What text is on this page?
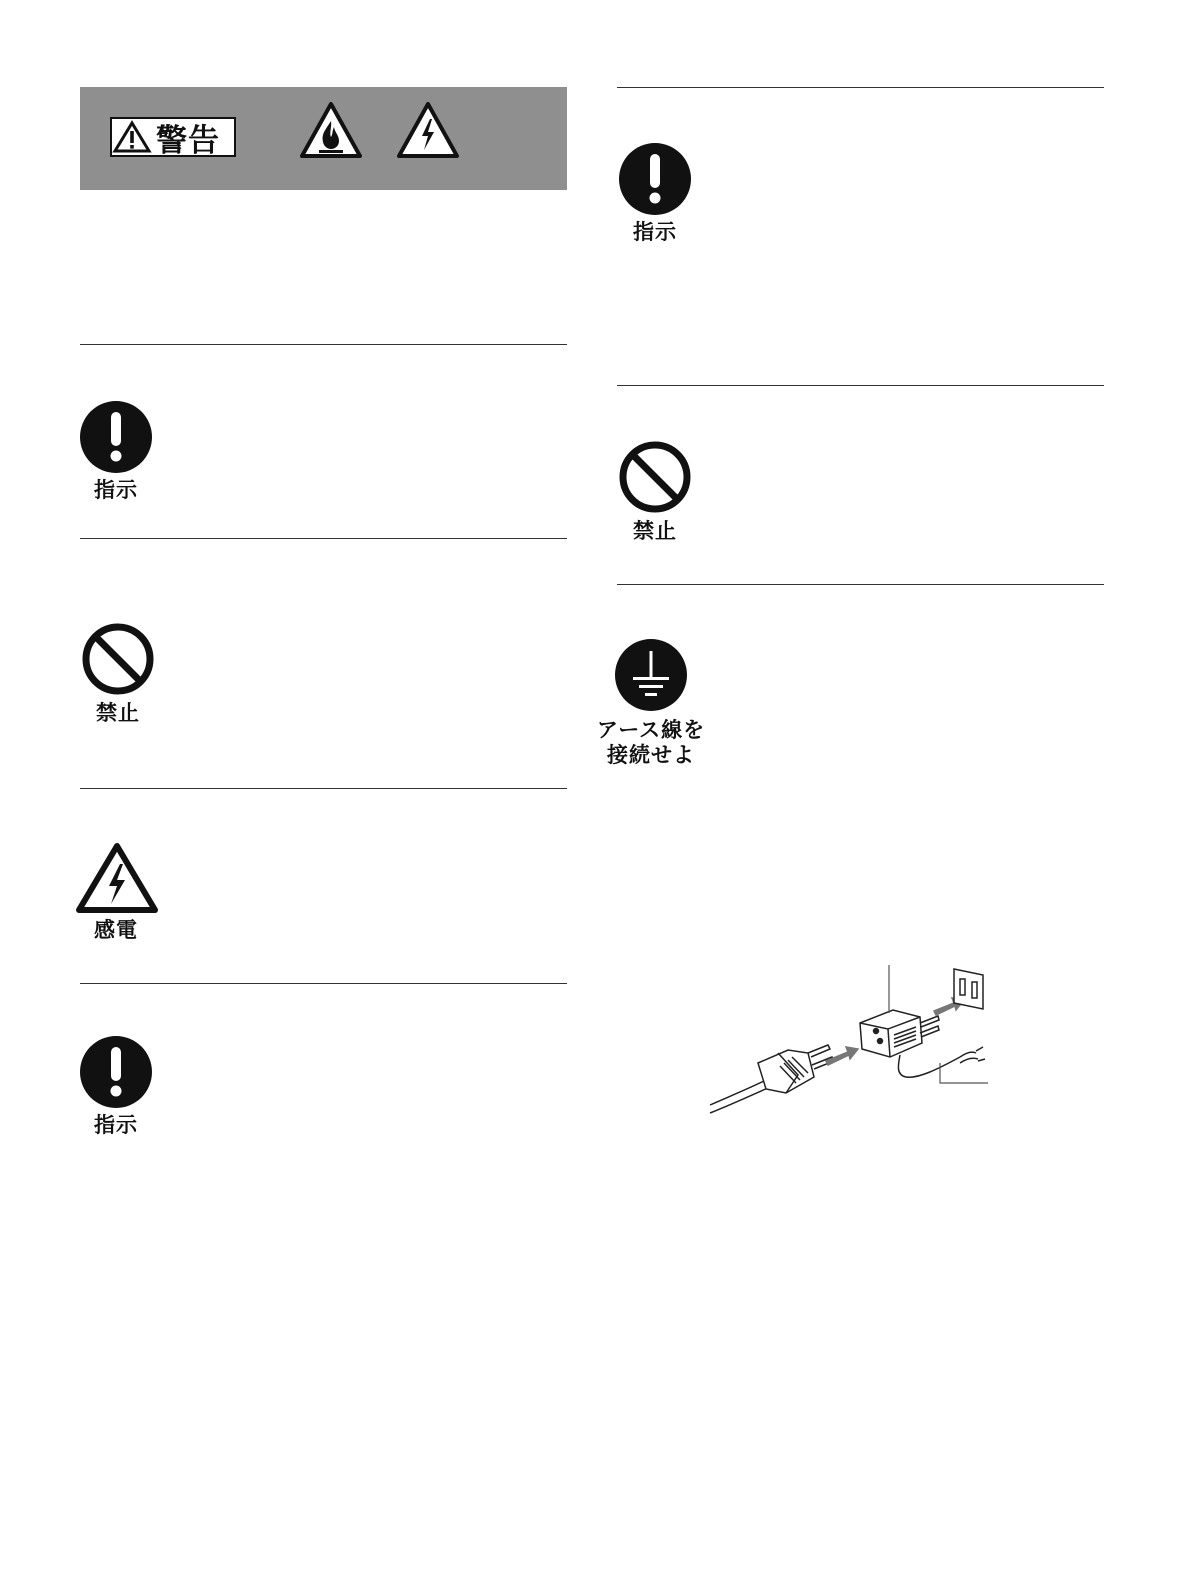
警告
指示
禁止
感電
指示
指示
禁止
アース線を
接続せよ
